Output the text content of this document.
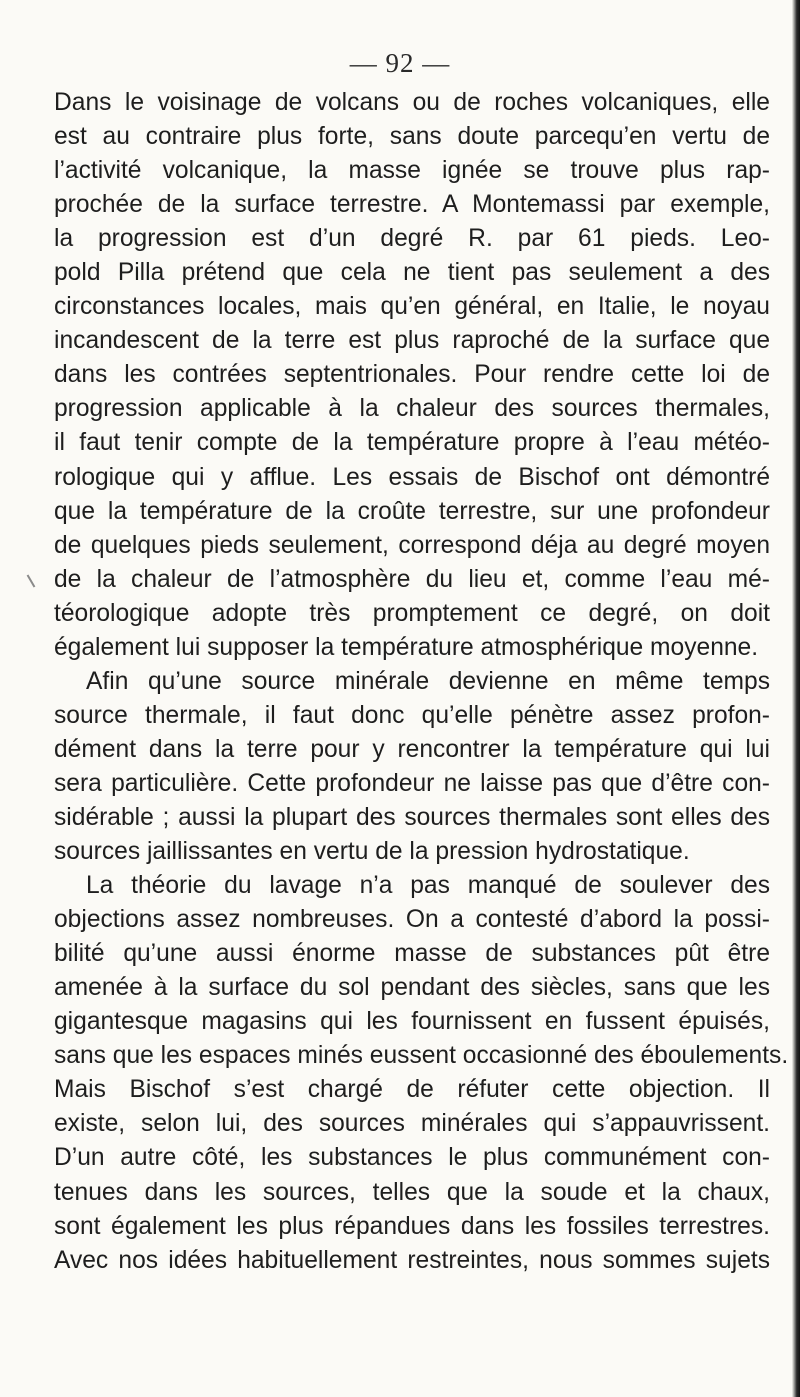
— 92 —
Dans le voisinage de volcans ou de roches volcaniques, elle
est au contraire plus forte, sans doute parcequ’en vertu de
l’activité volcanique, la masse ignée se trouve plus rap-
prochée de la surface terrestre. A Montemassi par exemple,
la progression est d’un degré R. par 61 pieds. Leo-
pold Pilla prétend que cela ne tient pas seulement a des
circonstances locales, mais qu’en général, en Italie, le noyau
incandescent de la terre est plus raproché de la surface que
dans les contrées septentrionales. Pour rendre cette loi de
progression applicable à la chaleur des sources thermales,
il faut tenir compte de la température propre à l’eau météo-
rologique qui y afflue. Les essais de Bischof ont démontré
que la température de la croûte terrestre, sur une profondeur
de quelques pieds seulement, correspond déja au degré moyen
de la chaleur de l’atmosphère du lieu et, comme l’eau mé-
téorologique adopte très promptement ce degré, on doit
également lui supposer la température atmosphérique moyenne.
Afin qu’une source minérale devienne en même temps
source thermale, il faut donc qu’elle pénètre assez profon-
dément dans la terre pour y rencontrer la température qui lui
sera particulière. Cette profondeur ne laisse pas que d’être con-
sidérable ; aussi la plupart des sources thermales sont elles des
sources jaillissantes en vertu de la pression hydrostatique.
La théorie du lavage n’a pas manqué de soulever des
objections assez nombreuses. On a contesté d’abord la possi-
bilité qu’une aussi énorme masse de substances pût être
amenée à la surface du sol pendant des siècles, sans que les
gigantesque magasins qui les fournissent en fussent épuisés,
sans que les espaces minés eussent occasionné des éboulements.
Mais Bischof s’est chargé de réfuter cette objection. Il
existe, selon lui, des sources minérales qui s’appauvrissent.
D’un autre côté, les substances le plus communément con-
tenues dans les sources, telles que la soude et la chaux,
sont également les plus répandues dans les fossiles terrestres.
Avec nos idées habituellement restreintes, nous sommes sujets
